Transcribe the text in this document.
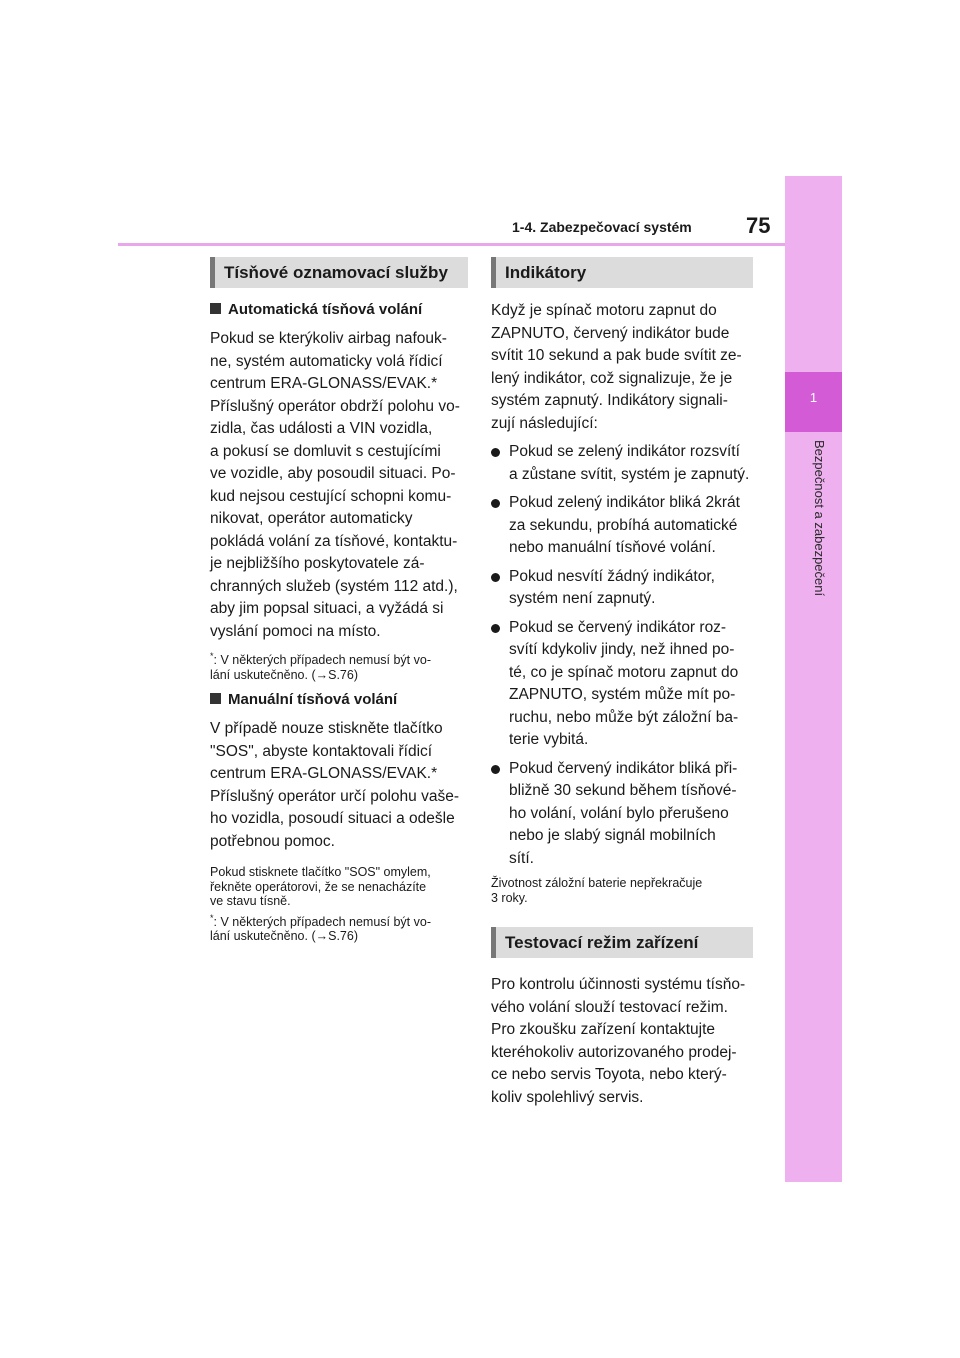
1
Bezpečnost a zabezpečení
1-4. Zabezpečovací systém 75
Tísňové oznamovací služby
Automatická tísňová volání
Pokud se kterýkoliv airbag nafouk-
ne, systém automaticky volá řídicí
centrum ERA-GLONASS/EVAK.*
Příslušný operátor obdrží polohu vo-
zidla, čas události a VIN vozidla,
a pokusí se domluvit s cestujícími
ve vozidle, aby posoudil situaci. Po-
kud nejsou cestující schopni komu-
nikovat, operátor automaticky
pokládá volání za tísňové, kontaktu-
je nejbližšího poskytovatele zá-
chranných služeb (systém 112 atd.),
aby jim popsal situaci, a vyžádá si
vyslání pomoci na místo.
*: V některých případech nemusí být vo-
lání uskutečněno. (→S.76)
Manuální tísňová volání
V případě nouze stiskněte tlačítko
"SOS", abyste kontaktovali řídicí
centrum ERA-GLONASS/EVAK.*
Příslušný operátor určí polohu vaše-
ho vozidla, posoudí situaci a odešle
potřebnou pomoc.
Pokud stisknete tlačítko "SOS" omylem,
řekněte operátorovi, že se nenacházíte
ve stavu tísně.
*: V některých případech nemusí být vo-
lání uskutečněno. (→S.76)
Indikátory
Když je spínač motoru zapnut do
ZAPNUTO, červený indikátor bude
svítit 10 sekund a pak bude svítit ze-
lený indikátor, což signalizuje, že je
systém zapnutý. Indikátory signali-
zují následující:
Pokud se zelený indikátor rozsvítí
a zůstane svítit, systém je zapnutý.
Pokud zelený indikátor bliká 2krát
za sekundu, probíhá automatické
nebo manuální tísňové volání.
Pokud nesvítí žádný indikátor,
systém není zapnutý.
Pokud se červený indikátor roz-
svítí kdykoliv jindy, než ihned po-
té, co je spínač motoru zapnut do
ZAPNUTO, systém může mít po-
ruchu, nebo může být záložní ba-
terie vybitá.
Pokud červený indikátor bliká při-
bližně 30 sekund během tísňové-
ho volání, volání bylo přerušeno
nebo je slabý signál mobilních
sítí.
Životnost záložní baterie nepřekračuje
3 roky.
Testovací režim zařízení
Pro kontrolu účinnosti systému tísňo-
vého volání slouží testovací režim.
Pro zkoušku zařízení kontaktujte
kteréhokoliv autorizovaného prodej-
ce nebo servis Toyota, nebo který-
koliv spolehlivý servis.
